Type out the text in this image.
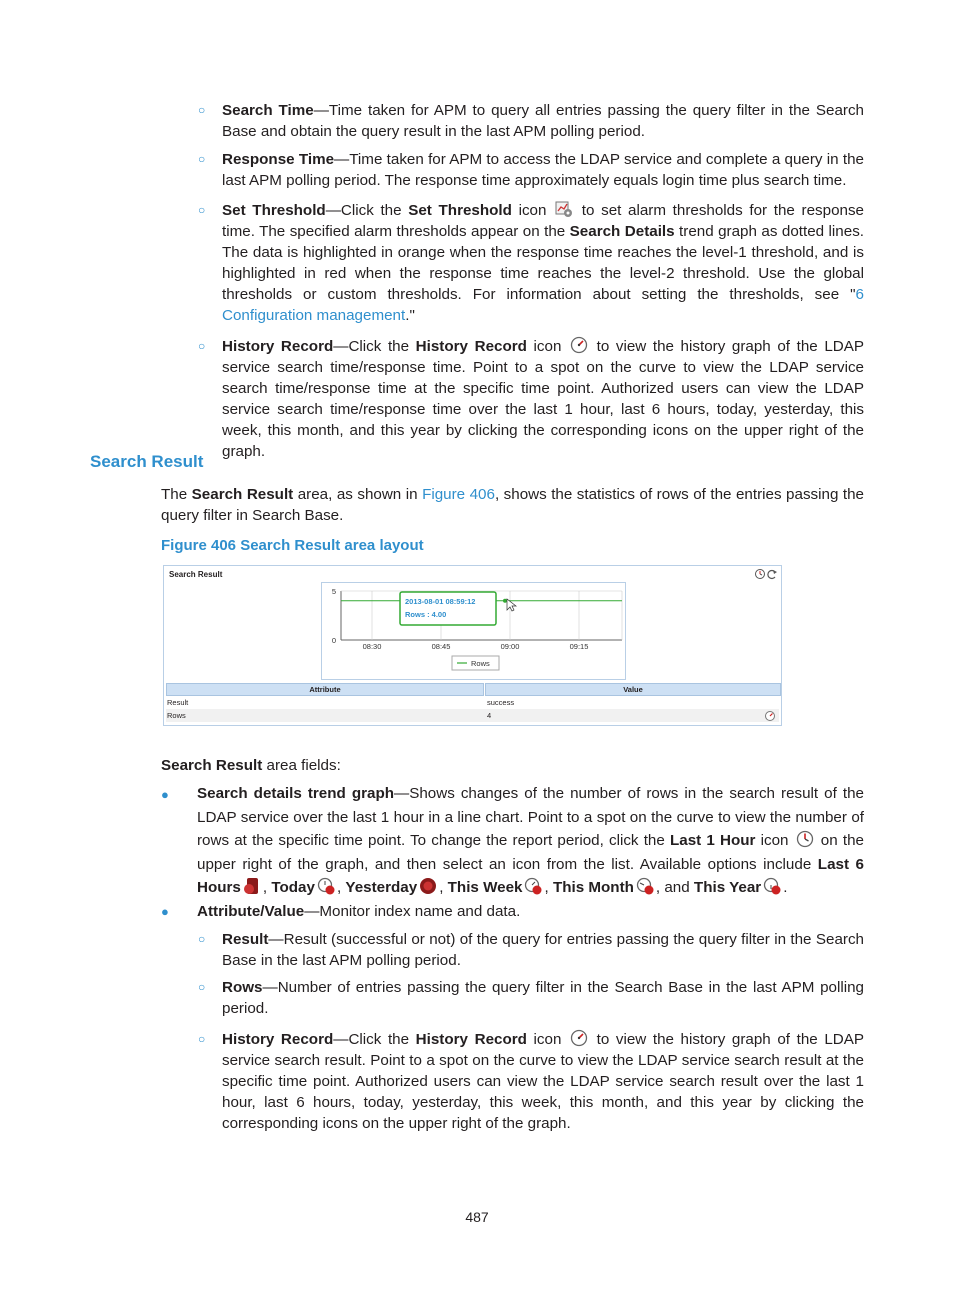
○ Search Time—Time taken for APM to query all entries passing the query filter in the Search Base and obtain the query result in the last APM polling period.
○ Response Time—Time taken for APM to access the LDAP service and complete a query in the last APM polling period. The response time approximately equals login time plus search time.
○ Set Threshold—Click the Set Threshold icon  to set alarm thresholds for the response time. The specified alarm thresholds appear on the Search Details trend graph as dotted lines. The data is highlighted in orange when the response time reaches the level-1 threshold, and is highlighted in red when the response time reaches the level-2 threshold. Use the global thresholds or custom thresholds. For information about setting the thresholds, see "6 Configuration management."
○ History Record—Click the History Record icon  to view the history graph of the LDAP service search time/response time. Point to a spot on the curve to view the LDAP service search time/response time at the specific time point. Authorized users can view the LDAP service search time/response time over the last 1 hour, last 6 hours, today, yesterday, this week, this month, and this year by clicking the corresponding icons on the upper right of the graph.
Search Result
The Search Result area, as shown in Figure 406, shows the statistics of rows of the entries passing the query filter in Search Base.
Figure 406 Search Result area layout
Search Result
08:30	08:45	09:00	09:15
0
5
2013-08-01 08:59:12
Rows : 4.00
Rows
Attribute	Value
Result	success
Rows	4
Search Result area fields:
● Search details trend graph—Shows changes of the number of rows in the search result of the LDAP service over the last 1 hour in a line chart. Point to a spot on the curve to view the number of rows at the specific time point. To change the report period, click the Last 1 Hour icon  on the upper right of the graph, and then select an icon from the list. Available options include Last 6 Hours , Today , Yesterday , This Week , This Month , and This Year .
● Attribute/Value—Monitor index name and data.
○ Result—Result (successful or not) of the query for entries passing the query filter in the Search Base in the last APM polling period.
○ Rows—Number of entries passing the query filter in the Search Base in the last APM polling period.
○ History Record—Click the History Record icon  to view the history graph of the LDAP service search result. Point to a spot on the curve to view the LDAP service search result at the specific time point. Authorized users can view the LDAP service search result over the last 1 hour, last 6 hours, today, yesterday, this week, this month, and this year by clicking the corresponding icons on the upper right of the graph.
487
